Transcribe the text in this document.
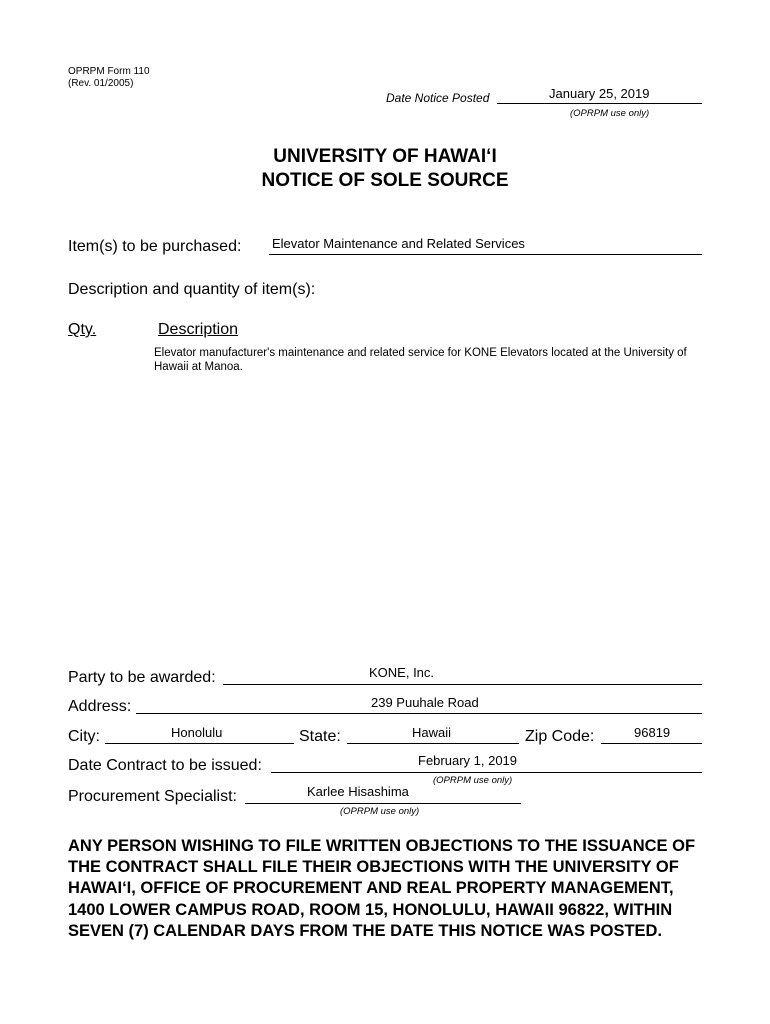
OPRPM Form 110
(Rev. 01/2005)
Date Notice Posted	January 25, 2019
(OPRPM use only)
UNIVERSITY OF HAWAI‘I
NOTICE OF SOLE SOURCE
Item(s) to be purchased: Elevator Maintenance and Related Services
Description and quantity of item(s):
Qty.	Description
Elevator manufacturer's maintenance and related service for KONE Elevators located at the University of Hawaii at Manoa.
Party to be awarded:	KONE, Inc.
Address:	239 Puuhale Road
City:	Honolulu	State:	Hawaii	Zip Code:	96819
Date Contract to be issued:	February 1, 2019
(OPRPM use only)
Procurement Specialist:	Karlee Hisashima
(OPRPM use only)
ANY PERSON WISHING TO FILE WRITTEN OBJECTIONS TO THE ISSUANCE OF THE CONTRACT SHALL FILE THEIR OBJECTIONS WITH THE UNIVERSITY OF HAWAI‘I, OFFICE OF PROCUREMENT AND REAL PROPERTY MANAGEMENT, 1400 LOWER CAMPUS ROAD, ROOM 15, HONOLULU, HAWAII 96822, WITHIN SEVEN (7) CALENDAR DAYS FROM THE DATE THIS NOTICE WAS POSTED.
